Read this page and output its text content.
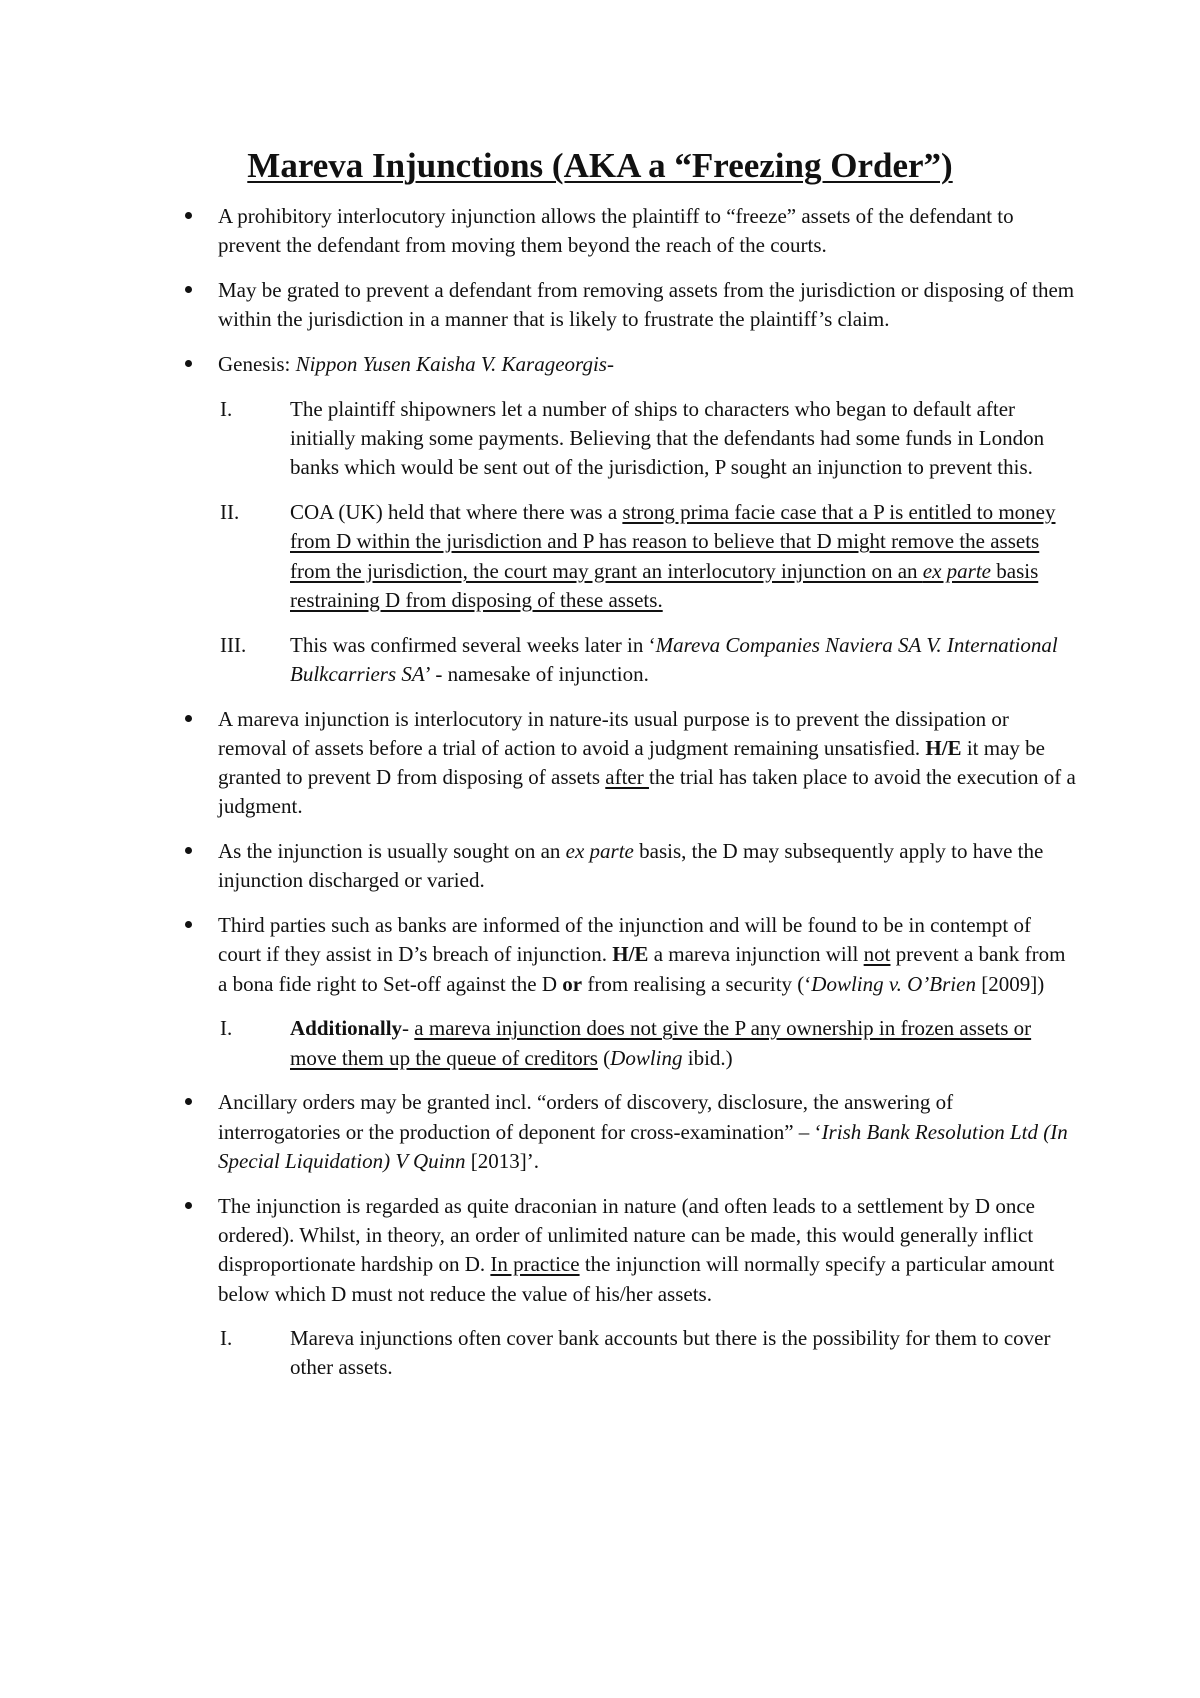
Mareva Injunctions (AKA a “Freezing Order”)
A prohibitory interlocutory injunction allows the plaintiff to “freeze” assets of the defendant to prevent the defendant from moving them beyond the reach of the courts.
May be grated to prevent a defendant from removing assets from the jurisdiction or disposing of them within the jurisdiction in a manner that is likely to frustrate the plaintiff’s claim.
Genesis: Nippon Yusen Kaisha V. Karageorgis-
I.	The plaintiff shipowners let a number of ships to characters who began to default after initially making some payments. Believing that the defendants had some funds in London banks which would be sent out of the jurisdiction, P sought an injunction to prevent this.
II.	COA (UK) held that where there was a strong prima facie case that a P is entitled to money from D within the jurisdiction and P has reason to believe that D might remove the assets from the jurisdiction, the court may grant an interlocutory injunction on an ex parte basis restraining D from disposing of these assets.
III.	This was confirmed several weeks later in ‘Mareva Companies Naviera SA V. International Bulkcarriers SA’ - namesake of injunction.
A mareva injunction is interlocutory in nature-its usual purpose is to prevent the dissipation or removal of assets before a trial of action to avoid a judgment remaining unsatisfied. H/E it may be granted to prevent D from disposing of assets after the trial has taken place to avoid the execution of a judgment.
As the injunction is usually sought on an ex parte basis, the D may subsequently apply to have the injunction discharged or varied.
Third parties such as banks are informed of the injunction and will be found to be in contempt of court if they assist in D’s breach of injunction. H/E a mareva injunction will not prevent a bank from a bona fide right to Set-off against the D or from realising a security (‘Dowling v. O’Brien [2009])
I.	Additionally- a mareva injunction does not give the P any ownership in frozen assets or move them up the queue of creditors (Dowling ibid.)
Ancillary orders may be granted incl. “orders of discovery, disclosure, the answering of interrogatories or the production of deponent for cross-examination” – ‘Irish Bank Resolution Ltd (In Special Liquidation) V Quinn [2013]’.
The injunction is regarded as quite draconian in nature (and often leads to a settlement by D once ordered). Whilst, in theory, an order of unlimited nature can be made, this would generally inflict disproportionate hardship on D. In practice the injunction will normally specify a particular amount below which D must not reduce the value of his/her assets.
I.	Mareva injunctions often cover bank accounts but there is the possibility for them to cover other assets.
